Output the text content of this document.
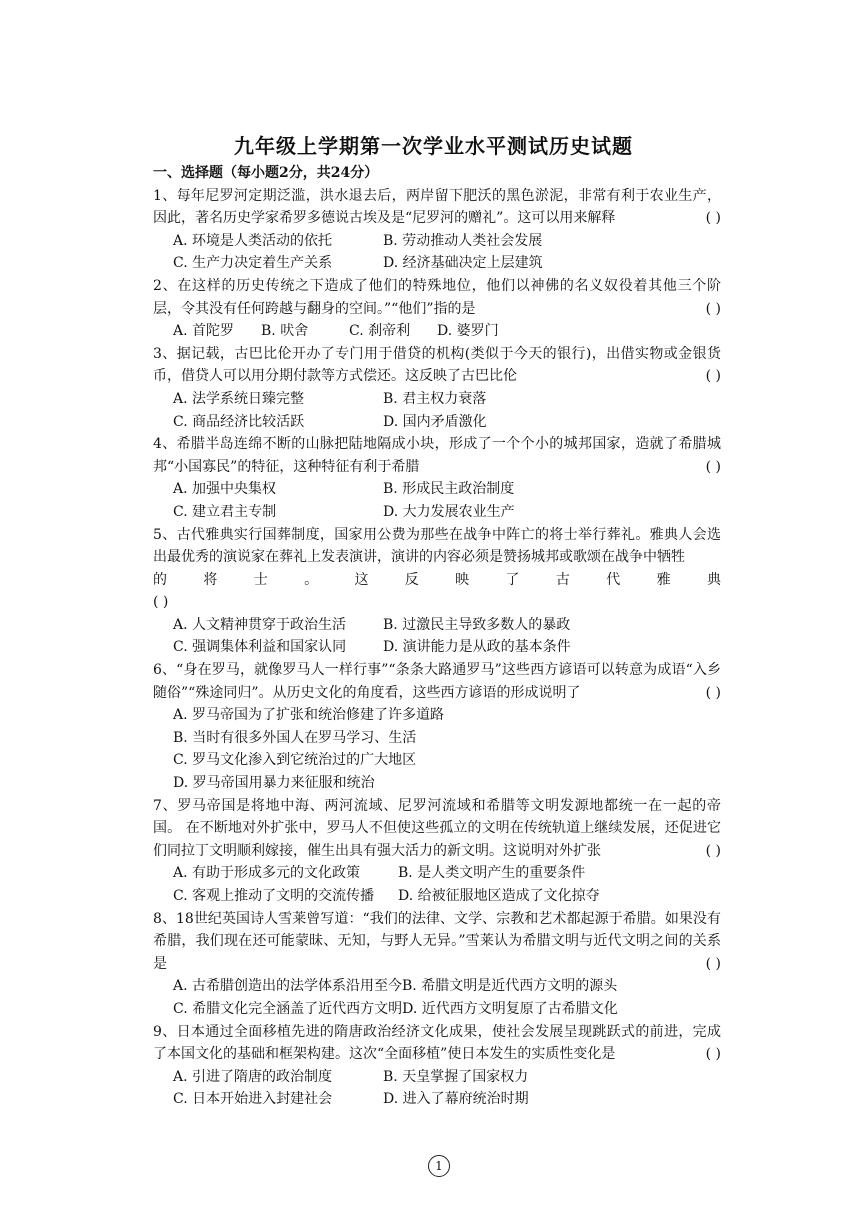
九年级上学期第一次学业水平测试历史试题
一、选择题（每小题2分，共24分）
1、每年尼罗河定期泛滥，洪水退去后，两岸留下肥沃的黑色淤泥，非常有利于农业生产，因此，著名历史学家希罗多德说古埃及是“尼罗河的赠礼”。这可以用来解释	( )
A. 环境是人类活动的依托	B. 劳动推动人类社会发展
C. 生产力决定着生产关系	D. 经济基础决定上层建筑
2、在这样的历史传统之下造成了他们的特殊地位，他们以神佛的名义奴役着其他三个阶层，令其没有任何跨越与翻身的空间。”“他们”指的是	( )
A. 首陀罗	B. 吠舍	C. 刹帝利	D. 婆罗门
3、据记载，古巴比伦开办了专门用于借贷的机构(类似于今天的银行)，出借实物或金银货币，借贷人可以用分期付款等方式偿还。这反映了古巴比伦	( )
A. 法学系统日臻完整	B. 君主权力衰落
C. 商品经济比较活跃	D. 国内矛盾激化
4、希腊半岛连绵不断的山脉把陆地隔成小块，形成了一个个小的城邦国家，造就了希腊城邦“小国寡民”的特征，这种特征有利于希腊	( )
A. 加强中央集权	B. 形成民主政治制度
C. 建立君主专制	D. 大力发展农业生产
5、古代雅典实行国葬制度，国家用公费为那些在战争中阵亡的将士举行葬礼。雅典人会选出最优秀的演说家在葬礼上发表演讲，演讲的内容必须是赞扬城邦或歌颂在战争中牺牲
的	将	士	。	这	反	映	了	古	代	雅	典
( )
A. 人文精神贯穿于政治生活	B. 过激民主导致多数人的暴政
C. 强调集体利益和国家认同	D. 演讲能力是从政的基本条件
6、“身在罗马，就像罗马人一样行事”“条条大路通罗马”这些西方谚语可以转意为成语“入乡随俗”“殊途同归”。从历史文化的角度看，这些西方谚语的形成说明了	( )
A. 罗马帝国为了扩张和统治修建了许多道路
B. 当时有很多外国人在罗马学习、生活
C. 罗马文化渗入到它统治过的广大地区
D. 罗马帝国用暴力来征服和统治
7、罗马帝国是将地中海、两河流域、尼罗河流域和希腊等文明发源地都统一在一起的帝国。 在不断地对外扩张中，罗马人不但使这些孤立的文明在传统轨道上继续发展，还促进它们同拉丁文明顺利嫁接，催生出具有强大活力的新文明。这说明对外扩张	( )
A. 有助于形成多元的文化政策	B. 是人类文明产生的重要条件
C. 客观上推动了文明的交流传播	D. 给被征服地区造成了文化掠夺
8、18世纪英国诗人雪莱曾写道：“我们的法律、文学、宗教和艺术都起源于希腊。如果没有希腊，我们现在还可能蒙昧、无知，与野人无异。”雪莱认为希腊文明与近代文明之间的关系是	( )
A. 古希腊创造出的法学体系沿用至今 B. 希腊文明是近代西方文明的源头
C. 希腊文化完全涵盖了近代西方文明 D. 近代西方文明复原了古希腊文化
9、日本通过全面移植先进的隋唐政治经济文化成果，使社会发展呈现跳跃式的前进，完成了本国文化的基础和框架构建。这次“全面移植”使日本发生的实质性变化是	( )
A. 引进了隋唐的政治制度	B. 天皇掌握了国家权力
C. 日本开始进入封建社会	D. 进入了幕府统治时期
1
